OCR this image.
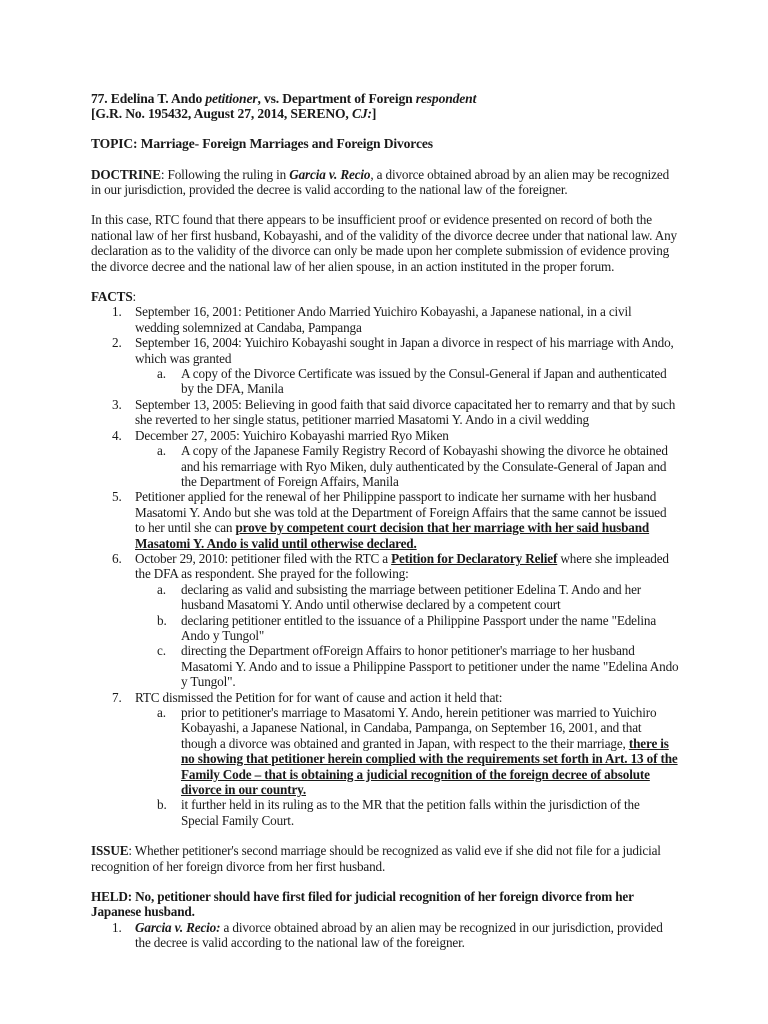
77. Edelina T. Ando petitioner, vs. Department of Foreign respondent

[G.R. No. 195432, August 27, 2014, SERENO, CJ:]

TOPIC: Marriage- Foreign Marriages and Foreign Divorces

DOCTRINE: Following the ruling in Garcia v. Recio, a divorce obtained abroad by an alien may be recognized in our jurisdiction, provided the decree is valid according to the national law of the foreigner.

In this case, RTC found that there appears to be insufficient proof or evidence presented on record of both the national law of her first husband, Kobayashi, and of the validity of the divorce decree under that national law. Any declaration as to the validity of the divorce can only be made upon her complete submission of evidence proving the divorce decree and the national law of her alien spouse, in an action instituted in the proper forum.

FACTS:

1. September 16, 2001: Petitioner Ando Married Yuichiro Kobayashi, a Japanese national, in a civil wedding solemnized at Candaba, Pampanga
2. September 16, 2004: Yuichiro Kobayashi sought in Japan a divorce in respect of his marriage with Ando, which was granted
a. A copy of the Divorce Certificate was issued by the Consul-General if Japan and authenticated by the DFA, Manila
3. September 13, 2005: Believing in good faith that said divorce capacitated her to remarry and that by such she reverted to her single status, petitioner married Masatomi Y. Ando in a civil wedding
4. December 27, 2005: Yuichiro Kobayashi married Ryo Miken
a. A copy of the Japanese Family Registry Record of Kobayashi showing the divorce he obtained and his remarriage with Ryo Miken, duly authenticated by the Consulate-General of Japan and the Department of Foreign Affairs, Manila
5. Petitioner applied for the renewal of her Philippine passport to indicate her surname with her husband Masatomi Y. Ando but she was told at the Department of Foreign Affairs that the same cannot be issued to her until she can prove by competent court decision that her marriage with her said husband Masatomi Y. Ando is valid until otherwise declared.
6. October 29, 2010: petitioner filed with the RTC a Petition for Declaratory Relief where she impleaded the DFA as respondent. She prayed for the following:
a. declaring as valid and subsisting the marriage between petitioner Edelina T. Ando and her husband Masatomi Y. Ando until otherwise declared by a competent court
b. declaring petitioner entitled to the issuance of a Philippine Passport under the name "Edelina Ando y Tungol"
c. directing the Department ofForeign Affairs to honor petitioner's marriage to her husband Masatomi Y. Ando and to issue a Philippine Passport to petitioner under the name "Edelina Ando y Tungol".
7. RTC dismissed the Petition for for want of cause and action it held that:
a. prior to petitioner's marriage to Masatomi Y. Ando, herein petitioner was married to Yuichiro Kobayashi, a Japanese National, in Candaba, Pampanga, on September 16, 2001, and that though a divorce was obtained and granted in Japan, with respect to the their marriage, there is no showing that petitioner herein complied with the requirements set forth in Art. 13 of the Family Code – that is obtaining a judicial recognition of the foreign decree of absolute divorce in our country.
b. it further held in its ruling as to the MR that the petition falls within the jurisdiction of the Special Family Court.

ISSUE: Whether petitioner's second marriage should be recognized as valid eve if she did not file for a judicial recognition of her foreign divorce from her first husband.

HELD: No, petitioner should have first filed for judicial recognition of her foreign divorce from her Japanese husband.

1. Garcia v. Recio: a divorce obtained abroad by an alien may be recognized in our jurisdiction, provided the decree is valid according to the national law of the foreigner.
